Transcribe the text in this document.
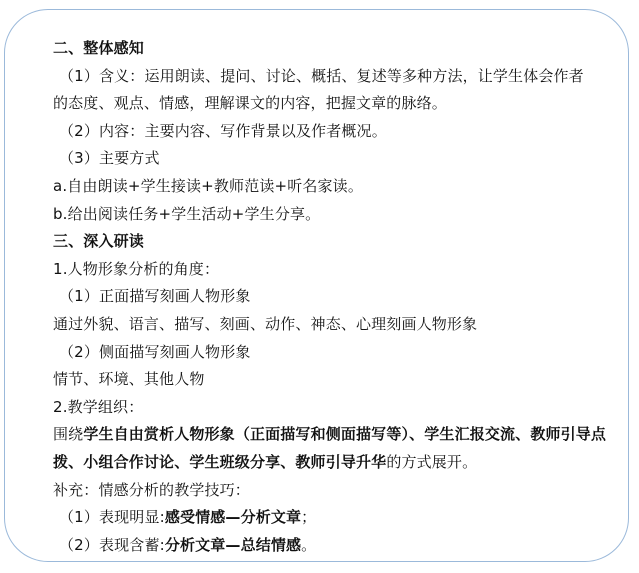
二、整体感知
（1）含义：运用朗读、提问、讨论、概括、复述等多种方法，让学生体会作者
的态度、观点、情感，理解课文的内容，把握文章的脉络。
（2）内容：主要内容、写作背景以及作者概况。
（3）主要方式
a.自由朗读+学生接读+教师范读+听名家读。
b.给出阅读任务+学生活动+学生分享。
三、深入研读
1.人物形象分析的角度：
（1）正面描写刻画人物形象
通过外貌、语言、描写、刻画、动作、神态、心理刻画人物形象
（2）侧面描写刻画人物形象
情节、环境、其他人物
2.教学组织：
围绕学生自由赏析人物形象（正面描写和侧面描写等）、学生汇报交流、教师引导点拨、小组合作讨论、学生班级分享、教师引导升华的方式展开。
补充：情感分析的教学技巧：
（1）表现明显:感受情感—分析文章；
（2）表现含蓄:分析文章—总结情感。
